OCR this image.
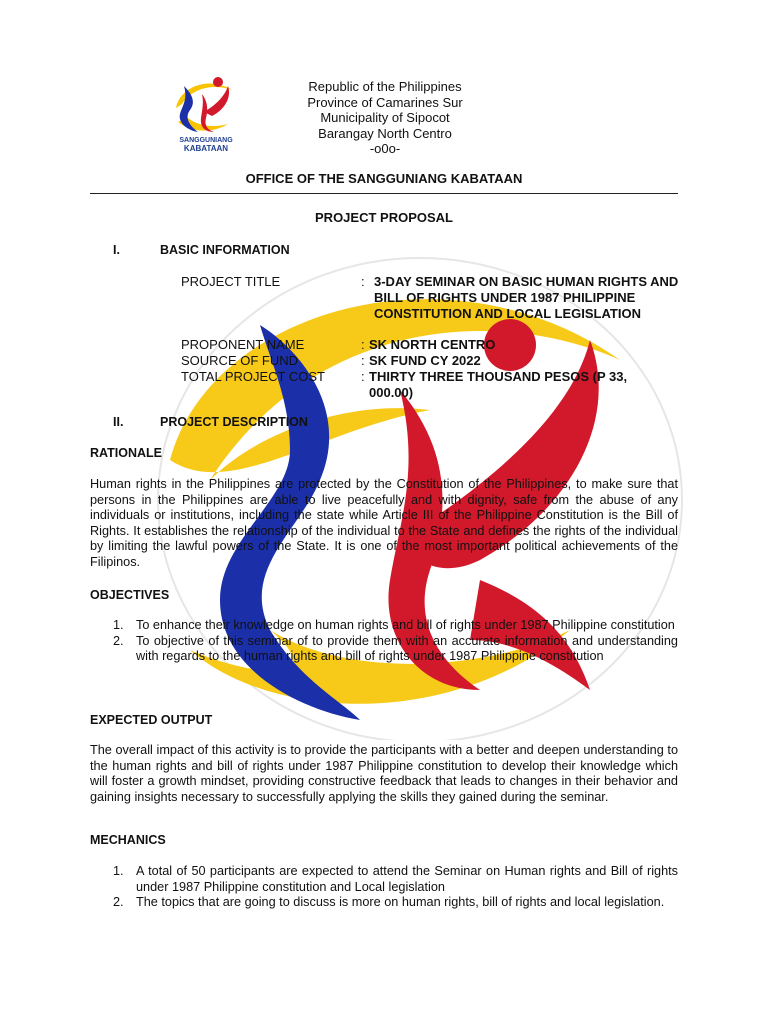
SANGGUNIANG
KABATAAN
Republic of the Philippines
Province of Camarines Sur
Municipality of Sipocot
Barangay North Centro
-o0o-
OFFICE OF THE SANGGUNIANG KABATAAN
PROJECT PROPOSAL
I.	BASIC INFORMATION
PROJECT TITLE	: 3-DAY SEMINAR ON BASIC HUMAN RIGHTS AND BILL OF RIGHTS UNDER 1987 PHILIPPINE CONSTITUTION AND LOCAL LEGISLATION
PROPONENT NAME	: SK NORTH CENTRO
SOURCE OF FUND	: SK FUND CY 2022
TOTAL PROJECT COST	: THIRTY THREE THOUSAND PESOS (P 33, 000.00)
II.	PROJECT DESCRIPTION
RATIONALE
Human rights in the Philippines are protected by the Constitution of the Philippines, to make sure that persons in the Philippines are able to live peacefully and with dignity, safe from the abuse of any individuals or institutions, including the state while Article III of the Philippine Constitution is the Bill of Rights. It establishes the relationship of the individual to the State and defines the rights of the individual by limiting the lawful powers of the State. It is one of the most important political achievements of the Filipinos.
OBJECTIVES
1. To enhance their knowledge on human rights and bill of rights under 1987 Philippine constitution
2. To objective of this seminar of to provide them with an accurate information and understanding with regards to the human rights and bill of rights under 1987 Philippine constitution
EXPECTED OUTPUT
The overall impact of this activity is to provide the participants with a better and deepen understanding to the human rights and bill of rights under 1987 Philippine constitution to develop their knowledge which will foster a growth mindset, providing constructive feedback that leads to changes in their behavior and gaining insights necessary to successfully applying the skills they gained during the seminar.
MECHANICS
1. A total of 50 participants are expected to attend the Seminar on Human rights and Bill of rights under 1987 Philippine constitution and Local legislation
2. The topics that are going to discuss is more on human rights, bill of rights and local legislation.
